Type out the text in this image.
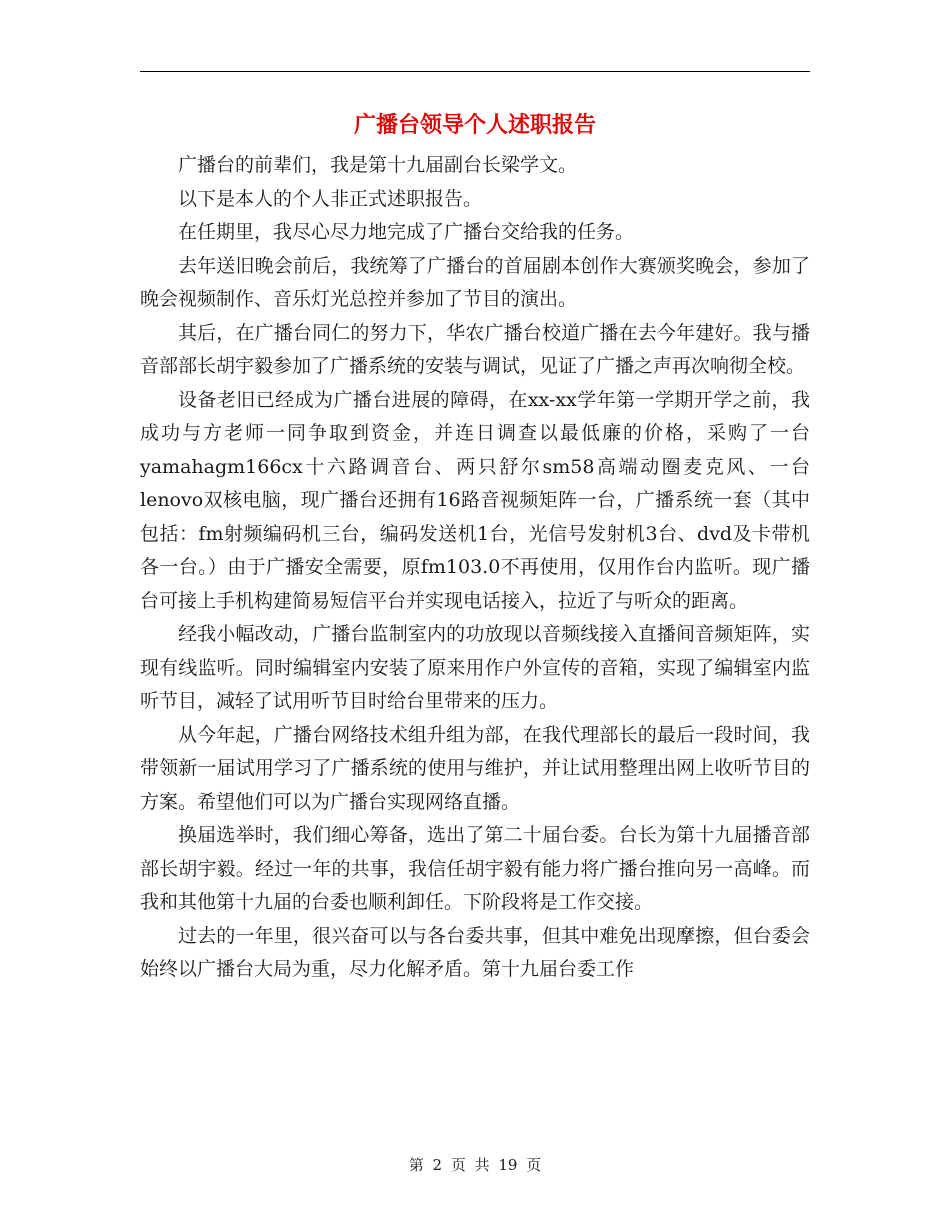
广播台领导个人述职报告

广播台的前辈们，我是第十九届副台长梁学文。

以下是本人的个人非正式述职报告。

在任期里，我尽心尽力地完成了广播台交给我的任务。

去年送旧晚会前后，我统筹了广播台的首届剧本创作大赛颁奖晚会，参加了晚会视频制作、音乐灯光总控并参加了节目的演出。

其后，在广播台同仁的努力下，华农广播台校道广播在去今年建好。我与播音部部长胡宇毅参加了广播系统的安装与调试，见证了广播之声再次响彻全校。

设备老旧已经成为广播台进展的障碍，在xx-xx学年第一学期开学之前，我成功与方老师一同争取到资金，并连日调查以最低廉的价格，采购了一台yamahagm166cx十六路调音台、两只舒尔sm58高端动圈麦克风、一台lenovo双核电脑，现广播台还拥有16路音视频矩阵一台，广播系统一套（其中包括：fm射频编码机三台，编码发送机1台，光信号发射机3台、dvd及卡带机各一台。）由于广播安全需要，原fm103.0不再使用，仅用作台内监听。现广播台可接上手机构建简易短信平台并实现电话接入，拉近了与听众的距离。

经我小幅改动，广播台监制室内的功放现以音频线接入直播间音频矩阵，实现有线监听。同时编辑室内安装了原来用作户外宣传的音箱，实现了编辑室内监听节目，减轻了试用听节目时给台里带来的压力。

从今年起，广播台网络技术组升组为部，在我代理部长的最后一段时间，我带领新一届试用学习了广播系统的使用与维护，并让试用整理出网上收听节目的方案。希望他们可以为广播台实现网络直播。

换届选举时，我们细心筹备，选出了第二十届台委。台长为第十九届播音部部长胡宇毅。经过一年的共事，我信任胡宇毅有能力将广播台推向另一高峰。而我和其他第十九届的台委也顺利卸任。下阶段将是工作交接。

过去的一年里，很兴奋可以与各台委共事，但其中难免出现摩擦，但台委会始终以广播台大局为重，尽力化解矛盾。第十九届台委工作

第 2 页 共 19 页
